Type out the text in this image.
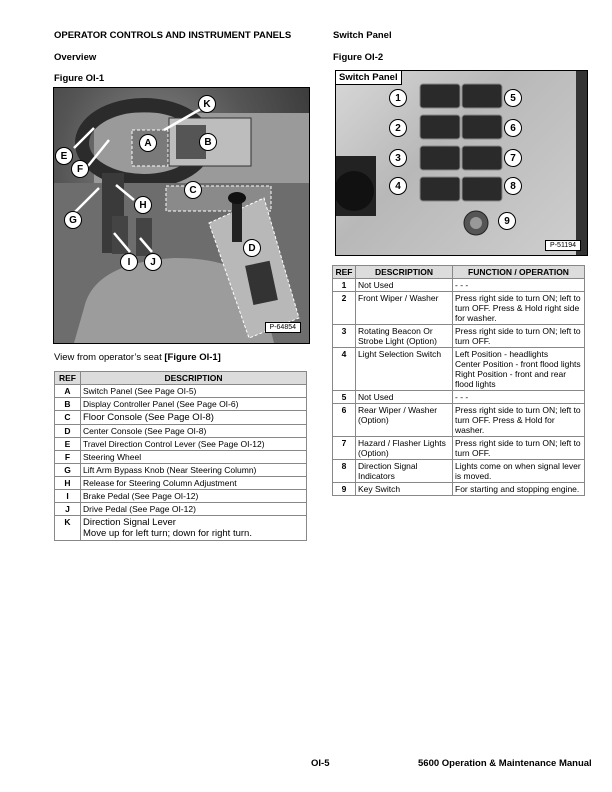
OPERATOR CONTROLS AND INSTRUMENT PANELS
Overview
Figure OI-1
K
A	B
E
F
C
G
H
D
I	J
P-64854
View from operator’s seat [Figure OI-1]
REF	DESCRIPTION
A	Switch Panel (See Page OI-5)
B	Display Controller Panel (See Page OI-6)
C	Floor Console (See Page OI-8)
D	Center Console (See Page OI-8)
E	Travel Direction Control Lever (See Page OI-12)
F	Steering Wheel
G	Lift Arm Bypass Knob (Near Steering Column)
H	Release for Steering Column Adjustment
I	Brake Pedal (See Page OI-12)
J	Drive Pedal (See Page OI-12)
K	Direction Signal Lever
Move up for left turn; down for right turn.
Switch Panel
Figure OI-2
Switch Panel
1
2
3
4
5
6
7
8
9
P-51194
REF	DESCRIPTION	FUNCTION / OPERATION
1	Not Used	- - -
2	Front Wiper / Washer	Press right side to turn ON; left to turn OFF. Press & Hold right side for washer.
3	Rotating Beacon Or Strobe Light (Option)	Press right side to turn ON; left to turn OFF.
4	Light Selection Switch	Left Position - headlights
Center Position - front flood lights
Right Position - front and rear flood lights

5	Not Used	- - -
6	Rear Wiper / Washer (Option)	Press right side to turn ON; left to turn OFF. Press & Hold for washer.
7	Hazard / Flasher Lights (Option)	Press right side to turn ON; left to turn OFF.
8	Direction Signal Indicators	Lights come on when signal lever is moved.
9	Key Switch	For starting and stopping engine.
OI-5	5600 Operation & Maintenance Manual
